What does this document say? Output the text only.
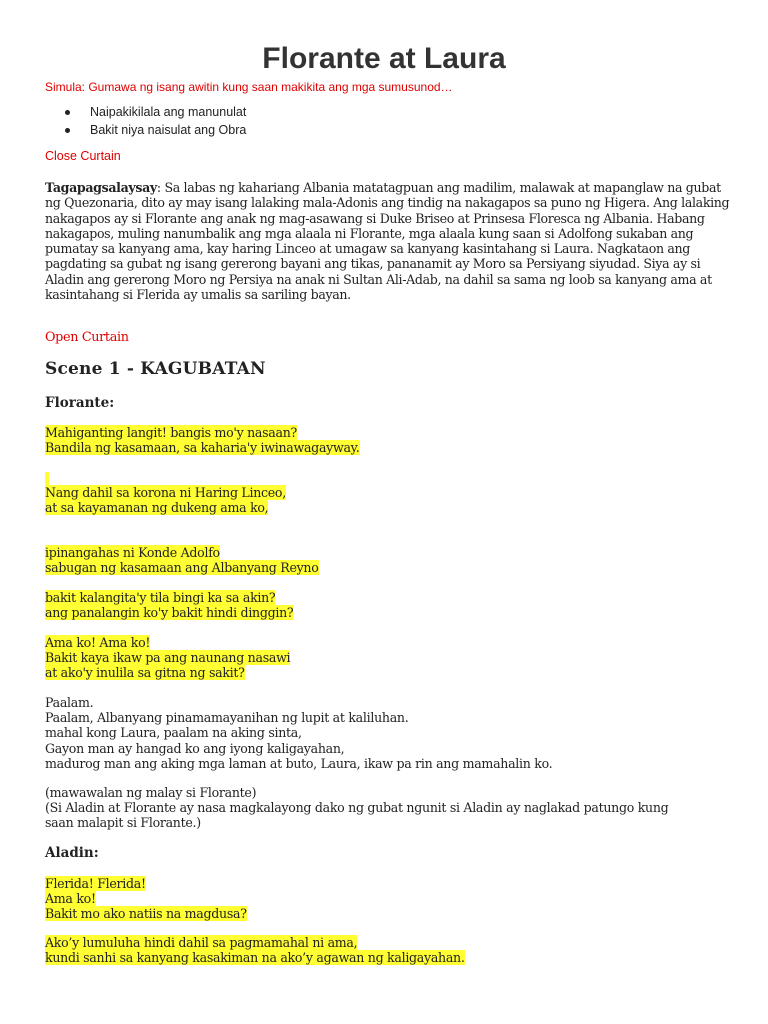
Florante at Laura
Simula: Gumawa ng isang awitin kung saan makikita ang mga sumusunod…
Naipakikilala ang manunulat
Bakit niya naisulat ang Obra
Close Curtain
Tagapagsalaysay: Sa labas ng kahariang Albania matatagpuan ang madilim, malawak at mapanglaw na gubat ng Quezonaria, dito ay may isang lalaking mala-Adonis ang tindig na nakagapos sa puno ng Higera. Ang lalaking nakagapos ay si Florante ang anak ng mag-asawang si Duke Briseo at Prinsesa Floresca ng Albania. Habang nakagapos, muling nanumbalik ang mga alaala ni Florante, mga alaala kung saan si Adolfong sukaban ang pumatay sa kanyang ama, kay haring Linceo at umagaw sa kanyang kasintahang si Laura. Nagkataon ang pagdating sa gubat ng isang gererong bayani ang tikas, pananamit ay Moro sa Persiyang siyudad. Siya ay si Aladin ang gererong Moro ng Persiya na anak ni Sultan Ali-Adab, na dahil sa sama ng loob sa kanyang ama at kasintahang si Flerida ay umalis sa sariling bayan.
Open Curtain
Scene 1 - KAGUBATAN
Florante:
Mahiganting langit! bangis mo'y nasaan?
Bandila ng kasamaan, sa kaharia'y iwinawagayway.
Nang dahil sa korona ni Haring Linceo,
at sa kayamanan ng dukeng ama ko,
ipinangahas ni Konde Adolfo
sabugan ng kasamaan ang Albanyang Reyno
bakit kalangita'y tila bingi ka sa akin?
ang panalangin ko'y bakit hindi dinggin?
Ama ko! Ama ko!
Bakit kaya ikaw pa ang naunang nasawi
at ako'y inulila sa gitna ng sakit?
Paalam.
Paalam, Albanyang pinamamayanihan ng lupit at kaliluhan.
mahal kong Laura, paalam na aking sinta,
Gayon man ay hangad ko ang iyong kaligayahan,
madurog man ang aking mga laman at buto, Laura, ikaw pa rin ang mamahalin ko.
(mawawalan ng malay si Florante)
(Si Aladin at Florante ay nasa magkalayong dako ng gubat ngunit si Aladin ay naglakad patungo kung
saan malapit si Florante.)
Aladin:
Flerida! Flerida!
Ama ko!
Bakit mo ako natiis na magdusa?
Ako’y lumuluha hindi dahil sa pagmamahal ni ama,
kundi sanhi sa kanyang kasakiman na ako’y agawan ng kaligayahan.
